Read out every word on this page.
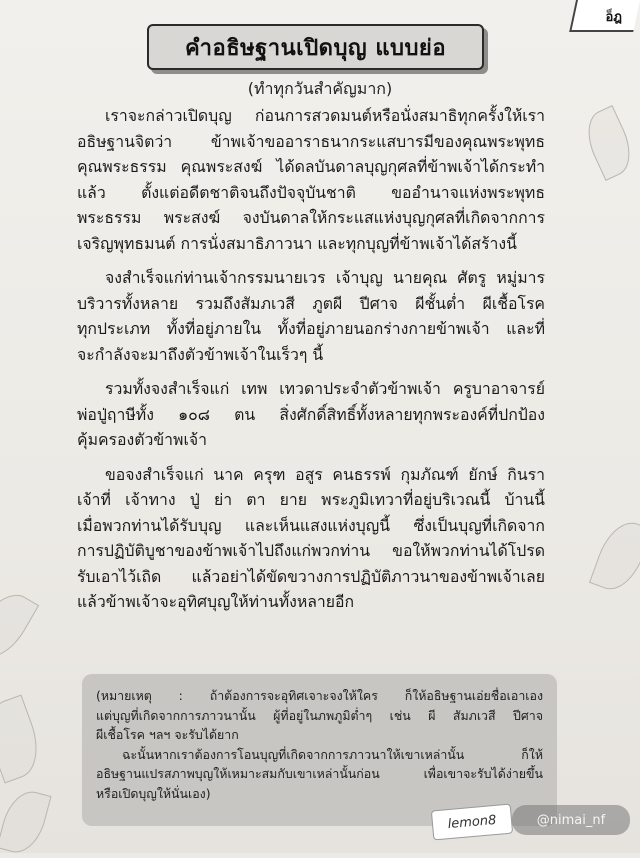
อ็ฎ
คำอธิษฐานเปิดบุญ แบบย่อ
(ทำทุกวันสำคัญมาก)
เราจะกล่าวเปิดบุญ ก่อนการสวดมนต์หรือนั่งสมาธิทุกครั้งให้เรา
อธิษฐานจิตว่า ข้าพเจ้าขออาราธนากระแสบารมีของคุณพระพุทธ
คุณพระธรรม คุณพระสงฆ์ ได้ดลบันดาลบุญกุศลที่ข้าพเจ้าได้กระทำ
แล้ว ตั้งแต่อดีตชาติจนถึงปัจจุบันชาติ ขออำนาจแห่งพระพุทธ
พระธรรม พระสงฆ์ จงบันดาลให้กระแสแห่งบุญกุศลที่เกิดจากการ
เจริญพุทธมนต์ การนั่งสมาธิภาวนา และทุกบุญที่ข้าพเจ้าได้สร้างนี้
จงสำเร็จแก่ท่านเจ้ากรรมนายเวร เจ้าบุญ นายคุณ ศัตรู หมู่มาร
บริวารทั้งหลาย รวมถึงสัมภเวสี ภูตผี ปีศาจ ผีชั้นต่ำ ผีเชื้อโรค
ทุกประเภท ทั้งที่อยู่ภายใน ทั้งที่อยู่ภายนอกร่างกายข้าพเจ้า และที่
จะกำลังจะมาถึงตัวข้าพเจ้าในเร็วๆ นี้
รวมทั้งจงสำเร็จแก่ เทพ เทวดาประจำตัวข้าพเจ้า ครูบาอาจารย์
พ่อปู่ฤาษีทั้ง ๑๐๘ ตน สิ่งศักดิ์สิทธิ์ทั้งหลายทุกพระองค์ที่ปกป้อง
คุ้มครองตัวข้าพเจ้า
ขอจงสำเร็จแก่ นาค ครุฑ อสูร คนธรรพ์ กุมภัณฑ์ ยักษ์ กินรา
เจ้าที่ เจ้าทาง ปู่ ย่า ตา ยาย พระภูมิเทวาที่อยู่บริเวณนี้ บ้านนี้
เมื่อพวกท่านได้รับบุญ และเห็นแสงแห่งบุญนี้ ซึ่งเป็นบุญที่เกิดจาก
การปฏิบัติบูชาของข้าพเจ้าไปถึงแก่พวกท่าน ขอให้พวกท่านได้โปรด
รับเอาไว้เถิด แล้วอย่าได้ขัดขวางการปฏิบัติภาวนาของข้าพเจ้าเลย
แล้วข้าพเจ้าจะอุทิศบุญให้ท่านทั้งหลายอีก
(หมายเหตุ : ถ้าต้องการจะอุทิศเจาะจงให้ใคร ก็ให้อธิษฐานเอ่ยชื่อเอาเอง
แต่บุญที่เกิดจากการภาวนานั้น ผู้ที่อยู่ในภพภูมิต่ำๆ เช่น ผี สัมภเวสี ปีศาจ
ผีเชื้อโรค ฯลฯ จะรับได้ยาก
ฉะนั้นหากเราต้องการโอนบุญที่เกิดจากการภาวนาให้เขาเหล่านั้น ก็ให้
อธิษฐานแปรสภาพบุญให้เหมาะสมกับเขาเหล่านั้นก่อน เพื่อเขาจะรับได้ง่ายขึ้น
หรือเปิดบุญให้นั่นเอง)
lemon8	@nimai_nf
